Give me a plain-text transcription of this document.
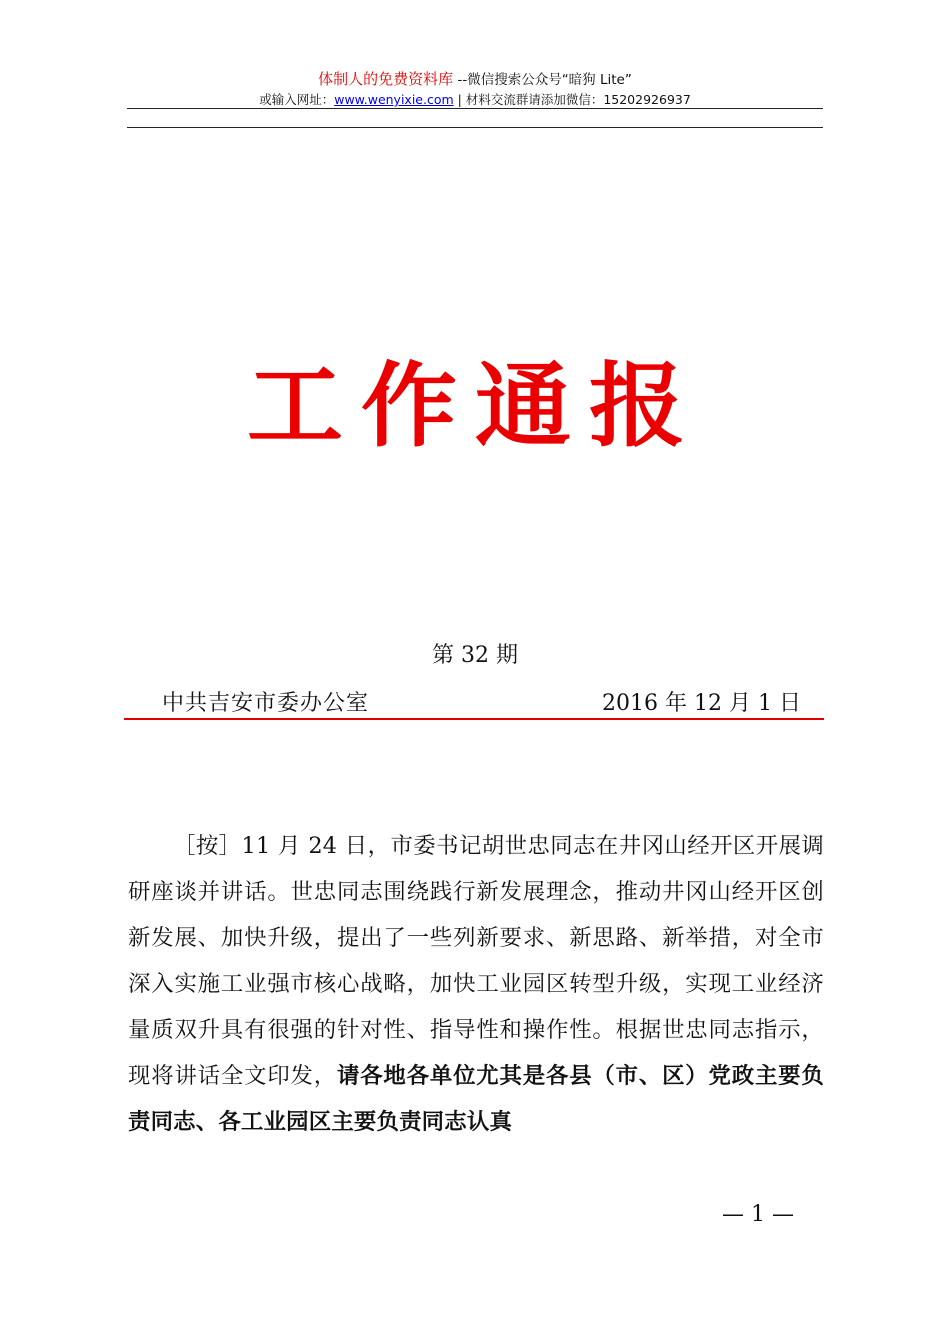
体制人的免费资料库 --微信搜索公众号“暗狗 Lite”
或输入网址：www.wenyixie.com | 材料交流群请添加微信：15202926937
工作通报
第 32 期
中共吉安市委办公室	2016 年 12 月 1 日
［按］11 月 24 日，市委书记胡世忠同志在井冈山经开区开展调研座谈并讲话。世忠同志围绕践行新发展理念，推动井冈山经开区创新发展、加快升级，提出了一些列新要求、新思路、新举措，对全市深入实施工业强市核心战略，加快工业园区转型升级，实现工业经济量质双升具有很强的针对性、指导性和操作性。根据世忠同志指示，现将讲话全文印发，请各地各单位尤其是各县（市、区）党政主要负责同志、各工业园区主要负责同志认真
— 1 —
